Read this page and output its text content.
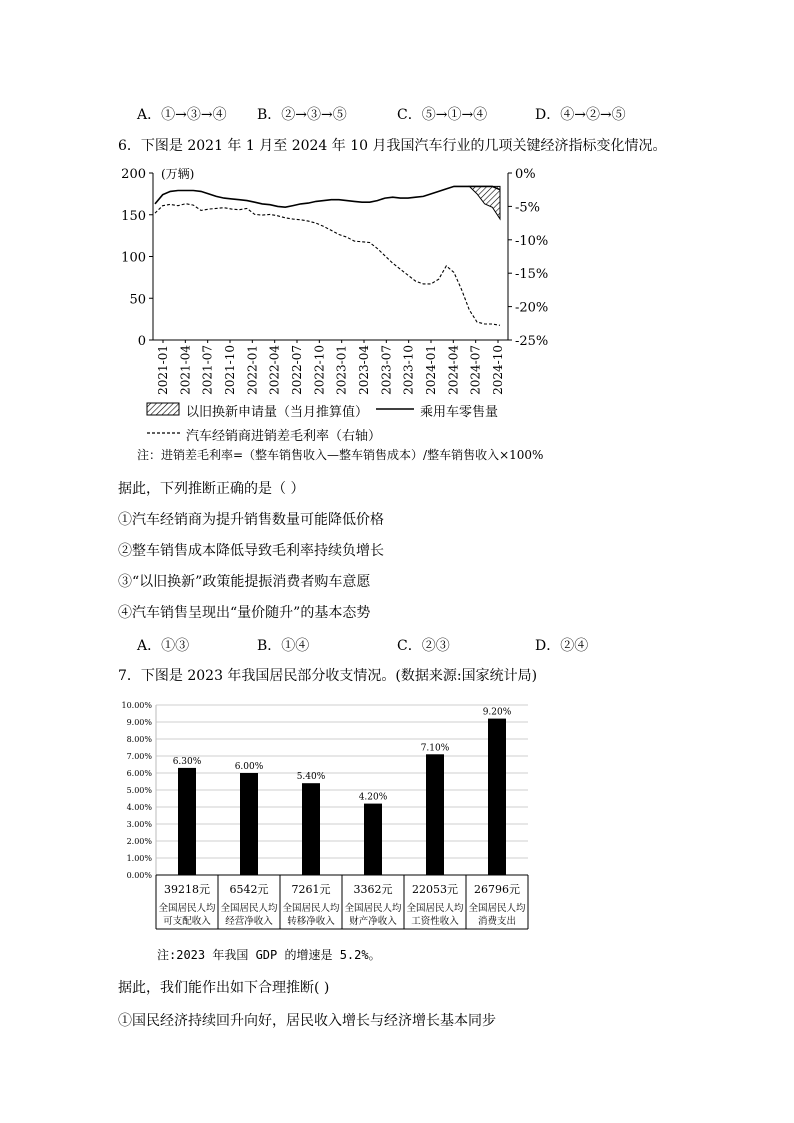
A．①→③→④ B．②→③→⑤	C．⑤→①→④	D．④→②→⑤
6．下图是 2021 年 1 月至 2024 年 10 月我国汽车行业的几项关键经济指标变化情况。
0
50
100
150
200 (万辆)	0%
-5%
-10%
-15%
-20%
-25%
2021-01 2021-04 2021-07 2021-10 2022-01 2022-04 2022-07 2022-10 2023-01 2023-04 2023-07 2023-10 2024-01 2024-04 2024-07 2024-10
以旧换新申请量（当月推算值）	乘用车零售量
汽车经销商进销差毛利率（右轴）
注：进销差毛利率=（整车销售收入—整车销售成本）/整车销售收入×100%
据此，下列推断正确的是（ ）
①汽车经销商为提升销售数量可能降低价格
②整车销售成本降低导致毛利率持续负增长
③“以旧换新”政策能提振消费者购车意愿
④汽车销售呈现出“量价随升”的基本态势
A．①③	B．①④	C．②③	D．②④
7．下图是 2023 年我国居民部分收支情况。(数据来源:国家统计局)
0.00%
1.00%
2.00%
3.00%
4.00%
5.00%
6.00%
7.00%
8.00%
9.00%
10.00%
39218元
全国居民人均
可支配收入
6542元
全国居民人均
经营净收入
7261元
全国居民人均
转移净收入
3362元
全国居民人均
财产净收入
22053元
全国居民人均
工资性收入
26796元
全国居民人均
消费支出
6.30%
6.00%
5.40%
4.20%
7.10%
9.20%
注:2023 年我国 GDP 的增速是 5.2%。
据此，我们能作出如下合理推断( )
①国民经济持续回升向好，居民收入增长与经济增长基本同步
